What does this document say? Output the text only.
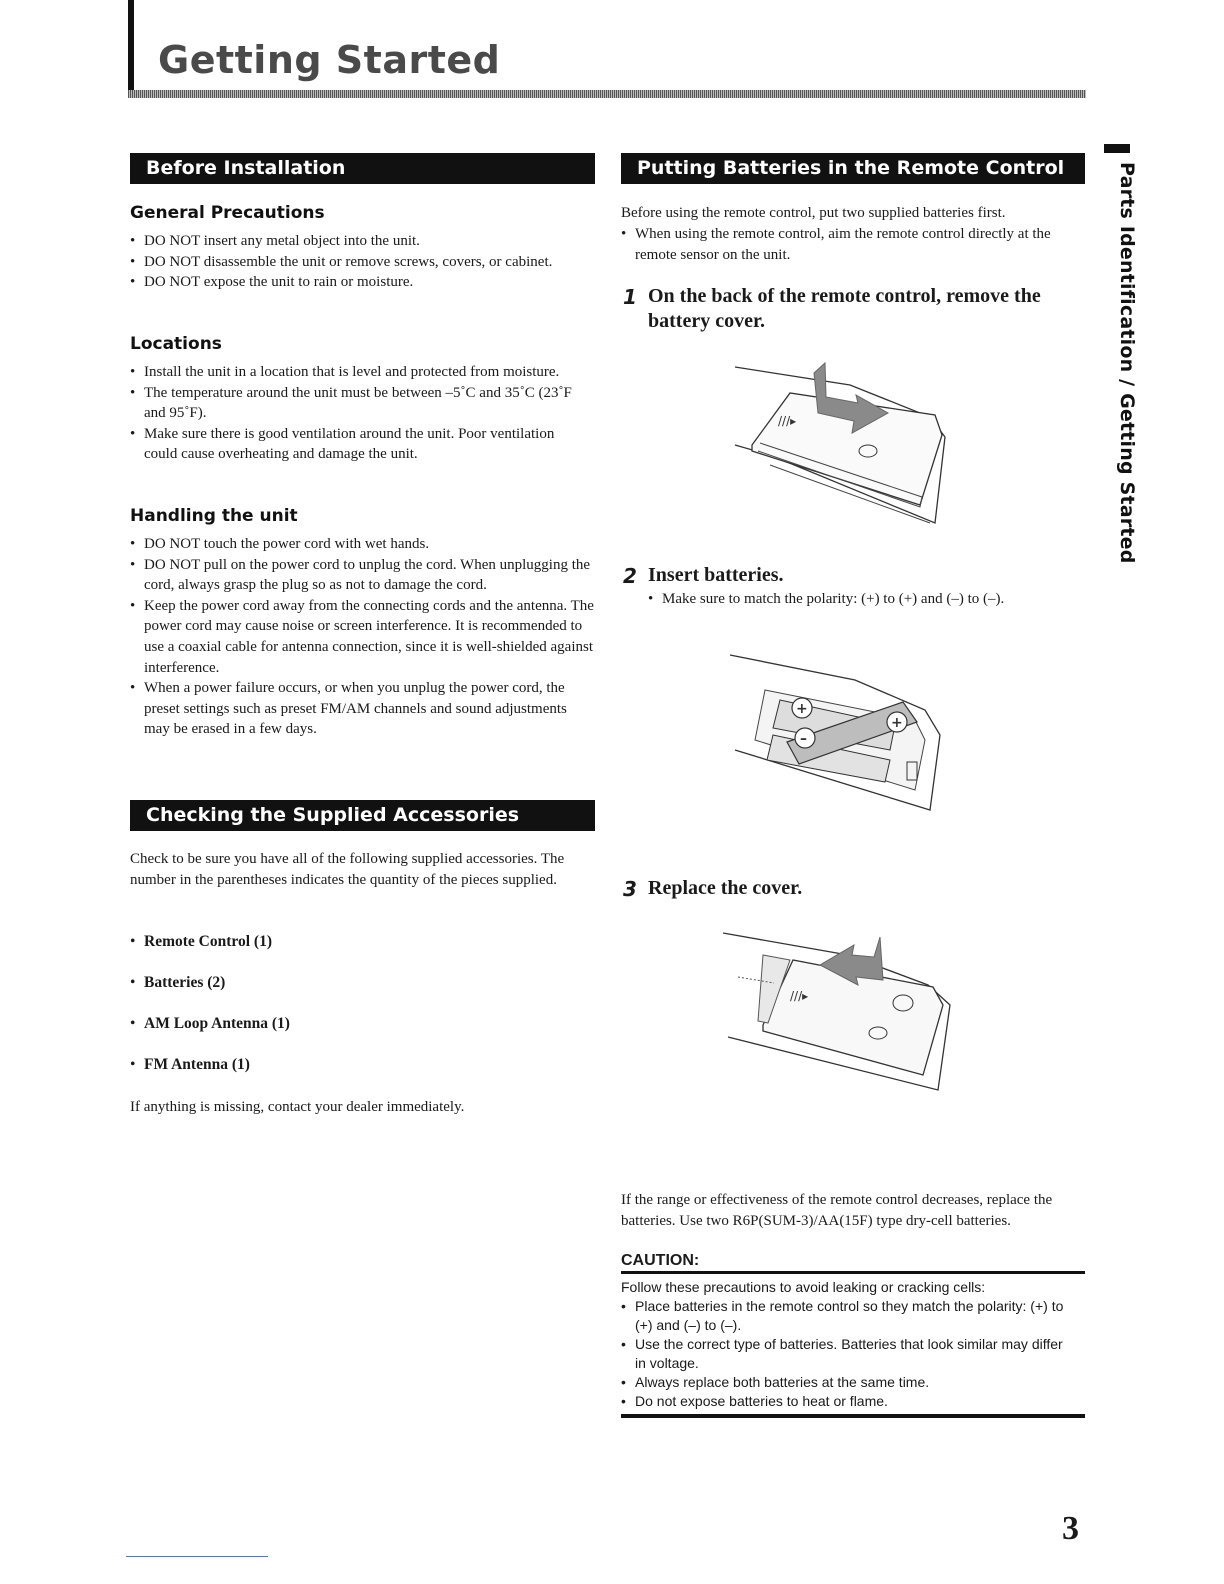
Getting Started
Parts Identification / Getting Started
Before Installation
General Precautions
• DO NOT insert any metal object into the unit.
• DO NOT disassemble the unit or remove screws, covers, or cabinet.
• DO NOT expose the unit to rain or moisture.
Locations
• Install the unit in a location that is level and protected from moisture.
• The temperature around the unit must be between –5˚C and 35˚C (23˚F and 95˚F).
• Make sure there is good ventilation around the unit. Poor ventilation could cause overheating and damage the unit.
Handling the unit
• DO NOT touch the power cord with wet hands.
• DO NOT pull on the power cord to unplug the cord. When unplugging the cord, always grasp the plug so as not to damage the cord.
• Keep the power cord away from the connecting cords and the antenna. The power cord may cause noise or screen interference. It is recommended to use a coaxial cable for antenna connection, since it is well-shielded against interference.
• When a power failure occurs, or when you unplug the power cord, the preset settings such as preset FM/AM channels and sound adjustments may be erased in a few days.
Checking the Supplied Accessories

Check to be sure you have all of the following supplied accessories. The number in the parentheses indicates the quantity of the pieces supplied.

• Remote Control (1)
• Batteries (2)
• AM Loop Antenna (1)
• FM Antenna (1)

If anything is missing, contact your dealer immediately.

Putting Batteries in the Remote Control

Before using the remote control, put two supplied batteries first.

• When using the remote control, aim the remote control directly at the remote sensor on the unit.
1 On the back of the remote control, remove the battery cover.
///▸
2 Insert batteries.
• Make sure to match the polarity: (+) to (+) and (–) to (–).
+
+
–
3 Replace the cover.
///▸

If the range or effectiveness of the remote control decreases, replace the batteries. Use two R6P(SUM-3)/AA(15F) type dry-cell batteries.

CAUTION:

Follow these precautions to avoid leaking or cracking cells:

• Place batteries in the remote control so they match the polarity: (+) to (+) and (–) to (–).
• Use the correct type of batteries. Batteries that look similar may differ in voltage.
• Always replace both batteries at the same time.
• Do not expose batteries to heat or flame.
3
